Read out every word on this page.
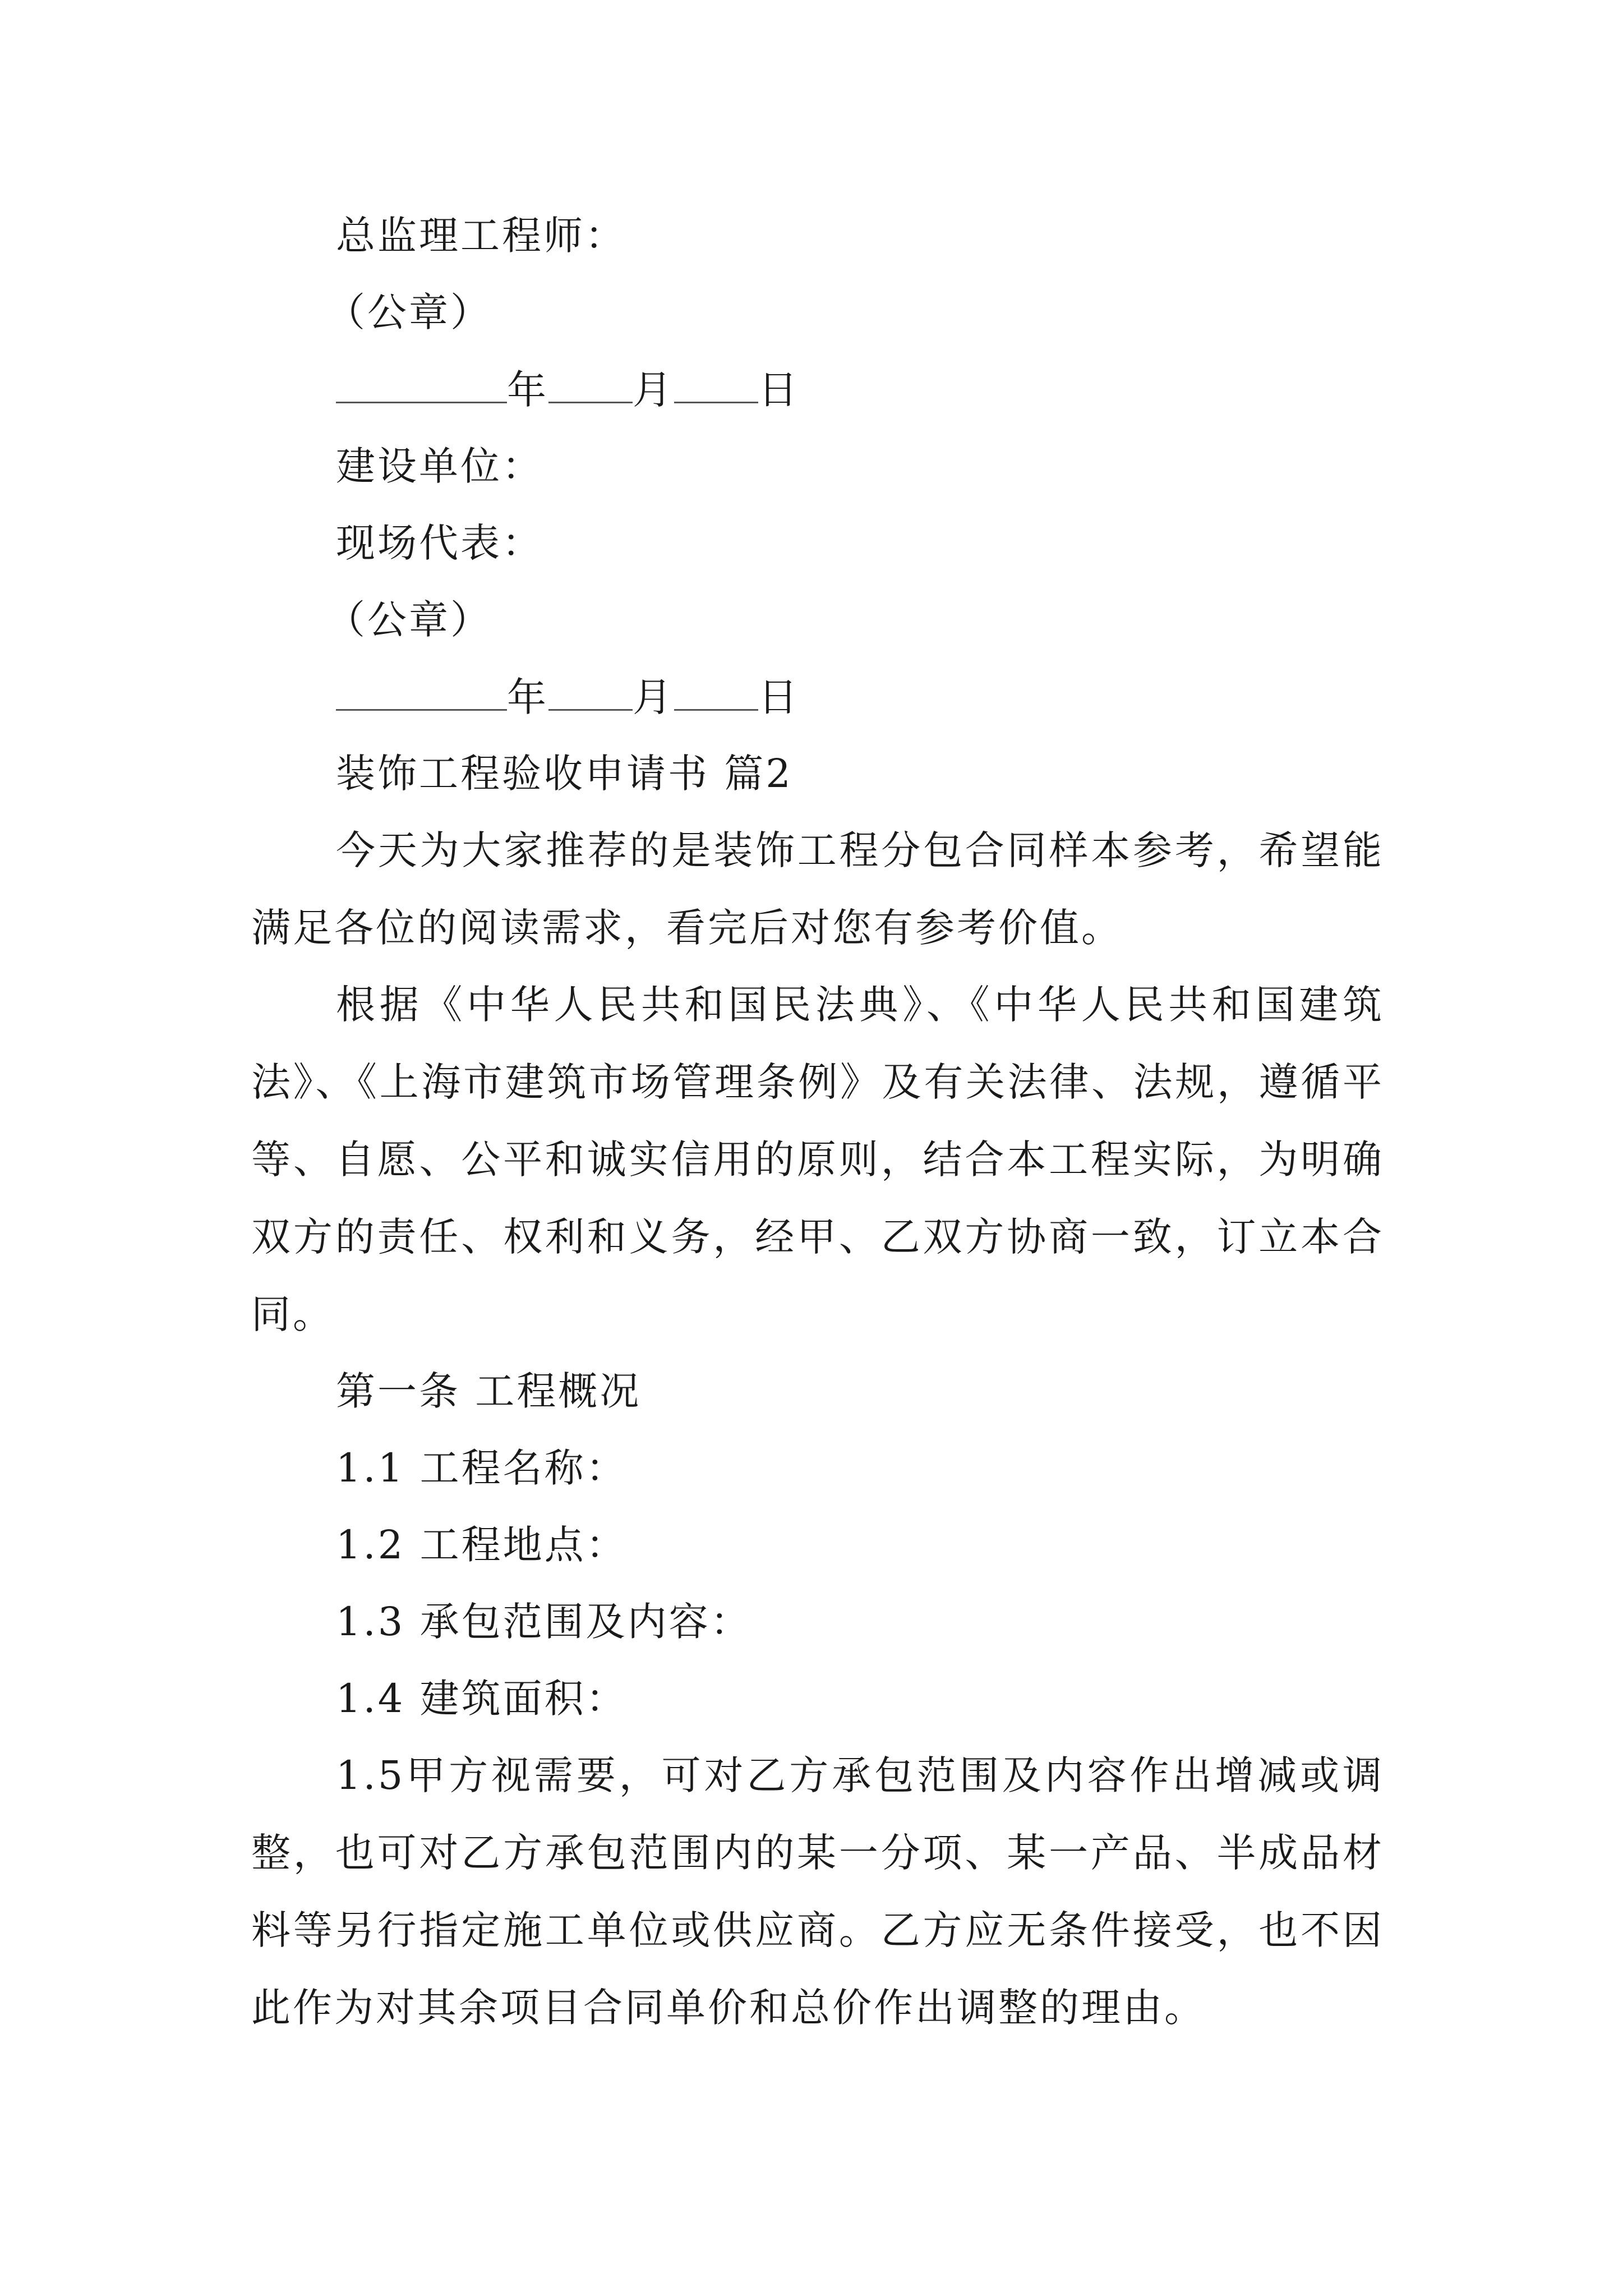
总监理工程师：
（公章）
年 月 日
建设单位：
现场代表：
（公章）
年 月 日
装饰工程验收申请书 篇2

今天为大家推荐的是装饰工程分包合同样本参考，希望能满足各位的阅读需求，看完后对您有参考价值。

根据《中华人民共和国民法典》、《中华人民共和国建筑法》、《上海市建筑市场管理条例》及有关法律、法规，遵循平等、自愿、公平和诚实信用的原则，结合本工程实际，为明确双方的责任、权利和义务，经甲、乙双方协商一致，订立本合同。

第一条 工程概况
1.1 工程名称：
1.2 工程地点：
1.3 承包范围及内容：
1.4 建筑面积：

1.5甲方视需要，可对乙方承包范围及内容作出增减或调整，也可对乙方承包范围内的某一分项、某一产品、半成品材料等另行指定施工单位或供应商。乙方应无条件接受，也不因此作为对其余项目合同单价和总价作出调整的理由。
